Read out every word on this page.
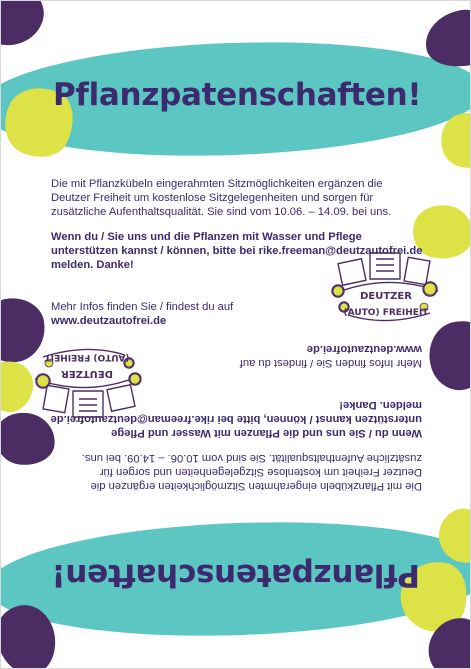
Pflanzpatenschaften!
Die mit Pflanzkübeln eingerahmten Sitzmöglichkeiten ergänzen die Deutzer Freiheit um kostenlose Sitzgelegenheiten und sorgen für zusätzliche Aufenthaltsqualität. Sie sind vom 10.06. – 14.09. bei uns.
Wenn du / Sie uns und die Pflanzen mit Wasser und Pflege unterstützen kannst / können, bitte bei rike.freeman@deutzautofrei.de melden. Danke!
Mehr Infos finden Sie / findest du auf
www.deutzautofrei.de
DEUTZER
(AUTO) FREIHEIT
Pflanzpatenschaften!
Die mit Pflanzkübeln eingerahmten Sitzmöglichkeiten ergänzen die Deutzer Freiheit um kostenlose Sitzgelegenheiten und sorgen für zusätzliche Aufenthaltsqualität. Sie sind vom 10.06. – 14.09. bei uns.
Wenn du / Sie uns und die Pflanzen mit Wasser und Pflege unterstützen kannst / können, bitte bei rike.freeman@deutzautofrei.de melden. Danke!
Mehr Infos finden Sie / findest du auf
www.deutzautofrei.de
DEUTZER
(AUTO) FREIHEIT
